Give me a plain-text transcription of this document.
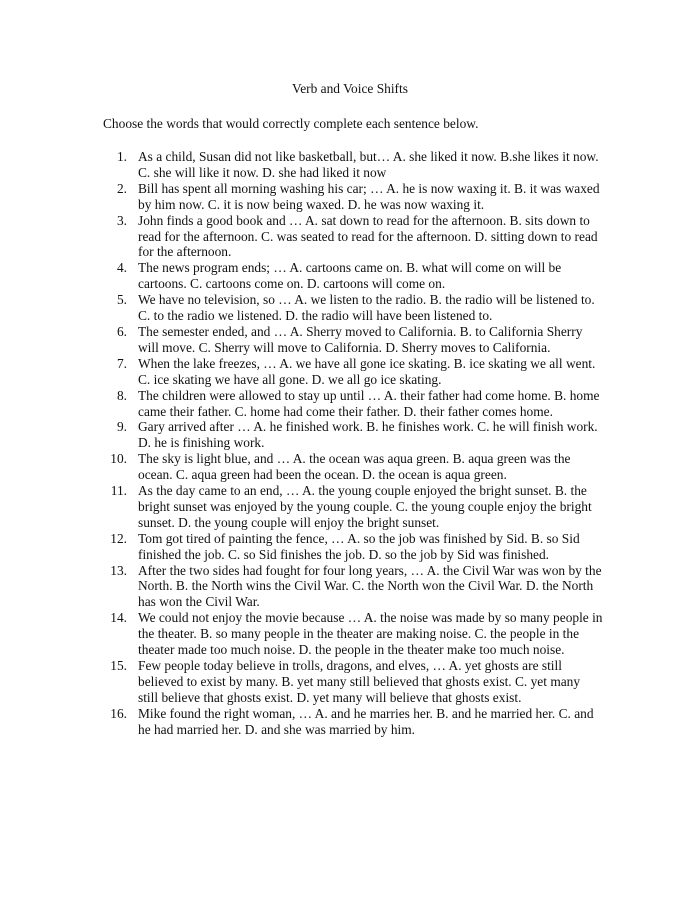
Verb and Voice Shifts
Choose the words that would correctly complete each sentence below.
1. As a child, Susan did not like basketball, but… A. she liked it now. B.she likes it now. C. she will like it now. D. she had liked it now
2. Bill has spent all morning washing his car; … A. he is now waxing it. B. it was waxed by him now. C. it is now being waxed. D. he was now waxing it.
3. John finds a good book and … A. sat down to read for the afternoon. B. sits down to read for the afternoon. C. was seated to read for the afternoon. D. sitting down to read for the afternoon.
4. The news program ends; … A. cartoons came on. B. what will come on will be cartoons. C. cartoons come on. D. cartoons will come on.
5. We have no television, so … A. we listen to the radio. B. the radio will be listened to. C. to the radio we listened. D. the radio will have been listened to.
6. The semester ended, and … A. Sherry moved to California. B. to California Sherry will move. C. Sherry will move to California. D. Sherry moves to California.
7. When the lake freezes, … A. we have all gone ice skating. B. ice skating we all went. C. ice skating we have all gone. D. we all go ice skating.
8. The children were allowed to stay up until … A. their father had come home. B. home came their father. C. home had come their father. D. their father comes home.
9. Gary arrived after … A. he finished work. B. he finishes work. C. he will finish work. D. he is finishing work.
10. The sky is light blue, and … A. the ocean was aqua green. B. aqua green was the ocean. C. aqua green had been the ocean. D. the ocean is aqua green.
11. As the day came to an end, … A. the young couple enjoyed the bright sunset. B. the bright sunset was enjoyed by the young couple. C. the young couple enjoy the bright sunset. D. the young couple will enjoy the bright sunset.
12. Tom got tired of painting the fence, … A. so the job was finished by Sid. B. so Sid finished the job. C. so Sid finishes the job. D. so the job by Sid was finished.
13. After the two sides had fought for four long years, … A. the Civil War was won by the North. B. the North wins the Civil War. C. the North won the Civil War. D. the North has won the Civil War.
14. We could not enjoy the movie because … A. the noise was made by so many people in the theater. B. so many people in the theater are making noise. C. the people in the theater made too much noise. D. the people in the theater make too much noise.
15. Few people today believe in trolls, dragons, and elves, … A. yet ghosts are still believed to exist by many. B. yet many still believed that ghosts exist. C. yet many still believe that ghosts exist. D. yet many will believe that ghosts exist.
16. Mike found the right woman, … A. and he marries her. B. and he married her. C. and he had married her. D. and she was married by him.
